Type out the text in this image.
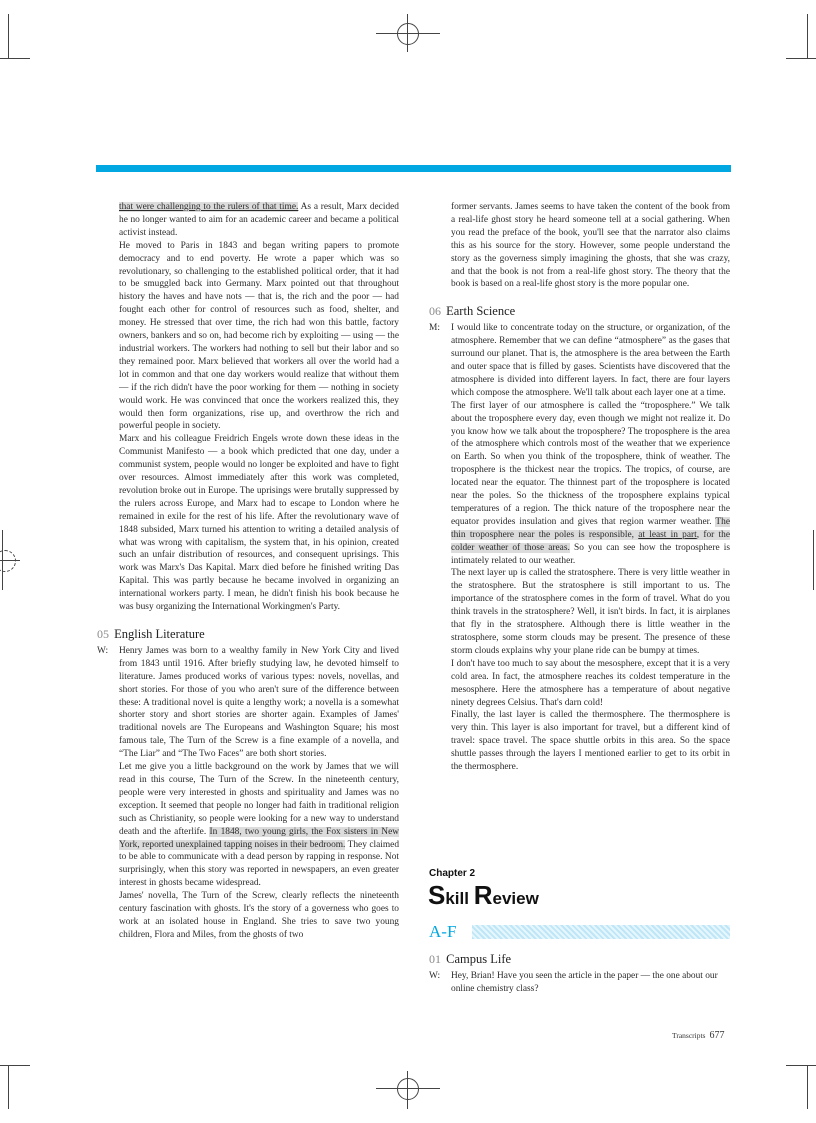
that were challenging to the rulers of that time. As a result, Marx decided he no longer wanted to aim for an academic career and became a political activist instead.

He moved to Paris in 1843 and began writing papers to promote democracy and to end poverty. He wrote a paper which was so revolutionary, so challenging to the established political order, that it had to be smuggled back into Germany. Marx pointed out that throughout history the haves and have nots — that is, the rich and the poor — had fought each other for control of resources such as food, shelter, and money. He stressed that over time, the rich had won this battle, factory owners, bankers and so on, had become rich by exploiting — using — the industrial workers. The workers had nothing to sell but their labor and so they remained poor. Marx believed that workers all over the world had a lot in common and that one day workers would realize that without them — if the rich didn't have the poor working for them — nothing in society would work. He was convinced that once the workers realized this, they would then form organizations, rise up, and overthrow the rich and powerful people in society.

Marx and his colleague Freidrich Engels wrote down these ideas in the Communist Manifesto — a book which predicted that one day, under a communist system, people would no longer be exploited and have to fight over resources. Almost immediately after this work was completed, revolution broke out in Europe. The uprisings were brutally suppressed by the rulers across Europe, and Marx had to escape to London where he remained in exile for the rest of his life. After the revolutionary wave of 1848 subsided, Marx turned his attention to writing a detailed analysis of what was wrong with capitalism, the system that, in his opinion, created such an unfair distribution of resources, and consequent uprisings. This work was Marx's Das Kapital. Marx died before he finished writing Das Kapital. This was partly because he became involved in organizing an international workers party. I mean, he didn't finish his book because he was busy organizing the International Workingmen's Party.

05 English Literature
W: Henry James was born to a wealthy family in New York City and lived from 1843 until 1916. After briefly studying law, he devoted himself to literature. James produced works of various types: novels, novellas, and short stories. For those of you who aren't sure of the difference between these: A traditional novel is quite a lengthy work; a novella is a somewhat shorter story and short stories are shorter again. Examples of James' traditional novels are The Europeans and Washington Square; his most famous tale, The Turn of the Screw is a fine example of a novella, and “The Liar” and “The Two Faces” are both short stories.

Let me give you a little background on the work by James that we will read in this course, The Turn of the Screw. In the nineteenth century, people were very interested in ghosts and spirituality and James was no exception. It seemed that people no longer had faith in traditional religion such as Christianity, so people were looking for a new way to understand death and the afterlife. In 1848, two young girls, the Fox sisters in New York, reported unexplained tapping noises in their bedroom. They claimed to be able to communicate with a dead person by rapping in response. Not surprisingly, when this story was reported in newspapers, an even greater interest in ghosts became widespread.

James' novella, The Turn of the Screw, clearly reflects the nineteenth century fascination with ghosts. It's the story of a governess who goes to work at an isolated house in England. She tries to save two young children, Flora and Miles, from the ghosts of two

former servants. James seems to have taken the content of the book from a real-life ghost story he heard someone tell at a social gathering. When you read the preface of the book, you'll see that the narrator also claims this as his source for the story. However, some people understand the story as the governess simply imagining the ghosts, that she was crazy, and that the book is not from a real-life ghost story. The theory that the book is based on a real-life ghost story is the more popular one.

06 Earth Science
M: I would like to concentrate today on the structure, or organization, of the atmosphere. Remember that we can define “atmosphere” as the gases that surround our planet. That is, the atmosphere is the area between the Earth and outer space that is filled by gases. Scientists have discovered that the atmosphere is divided into different layers. In fact, there are four layers which compose the atmosphere. We'll talk about each layer one at a time.

The first layer of our atmosphere is called the “troposphere.” We talk about the troposphere every day, even though we might not realize it. Do you know how we talk about the troposphere? The troposphere is the area of the atmosphere which controls most of the weather that we experience on Earth. So when you think of the troposphere, think of weather. The troposphere is the thickest near the tropics. The tropics, of course, are located near the equator. The thinnest part of the troposphere is located near the poles. So the thickness of the troposphere explains typical temperatures of a region. The thick nature of the troposphere near the equator provides insulation and gives that region warmer weather. The thin troposphere near the poles is responsible, at least in part, for the colder weather of those areas. So you can see how the troposphere is intimately related to our weather.

The next layer up is called the stratosphere. There is very little weather in the stratosphere. But the stratosphere is still important to us. The importance of the stratosphere comes in the form of travel. What do you think travels in the stratosphere? Well, it isn't birds. In fact, it is airplanes that fly in the stratosphere. Although there is little weather in the stratosphere, some storm clouds may be present. The presence of these storm clouds explains why your plane ride can be bumpy at times.

I don't have too much to say about the mesosphere, except that it is a very cold area. In fact, the atmosphere reaches its coldest temperature in the mesosphere. Here the atmosphere has a temperature of about negative ninety degrees Celsius. That's darn cold!

Finally, the last layer is called the thermosphere. The thermosphere is very thin. This layer is also important for travel, but a different kind of travel: space travel. The space shuttle orbits in this area. So the space shuttle passes through the layers I mentioned earlier to get to its orbit in the thermosphere.

Chapter 2
Skill Review
A-F
01 Campus Life
W: Hey, Brian! Have you seen the article in the paper — the one about our online chemistry class?

Transcripts 677
